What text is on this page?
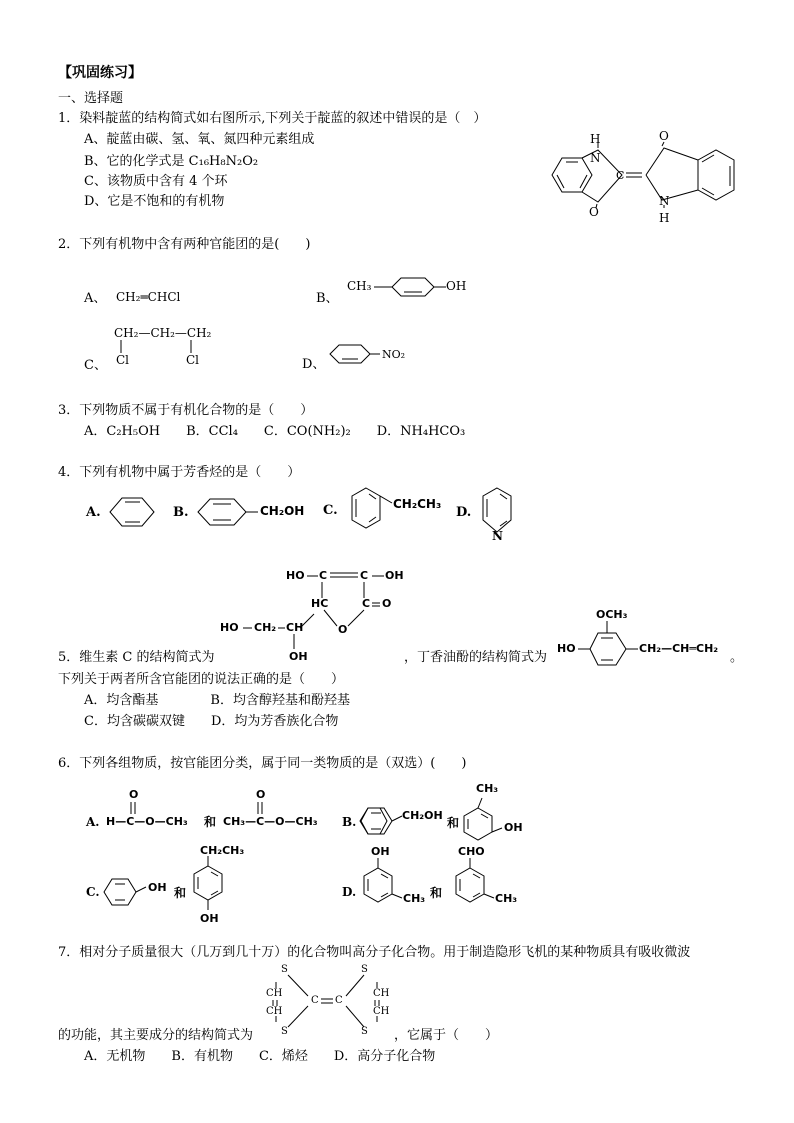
【巩固练习】
一、选择题
1．染料靛蓝的结构简式如右图所示,下列关于靛蓝的叙述中错误的是（　）
A、靛蓝由碳、氢、氧、氮四种元素组成
B、它的化学式是 C₁₆H₈N₂O₂
C、该物质中含有 4 个环
D、它是不饱和的有机物
H
N
O
C
O
N
H
2．下列有机物中含有两种官能团的是(　　)
A、 CH₂═CHCl	B、
CH₃	OH
CH₂—CH₂—CH₂
Cl	Cl
C、	D、
NO₂
3．下列物质不属于有机化合物的是（　　）
A．C₂H₅OH　　B．CCl₄　　C．CO(NH₂)₂　　D．NH₄HCO₃
4．下列有机物中属于芳香烃的是（　　）
A.	B.	CH₂OH C.	CH₂CH₃
D.
N
HO C	C OH
HC	C O
O
HO CH₂ CH
OH
5．维生素 C 的结构简式为	，丁香油酚的结构简式为
OCH₃
HO	CH₂—CH═CH₂
。
下列关于两者所含官能团的说法正确的是（　　）
A．均含酯基　　　　B．均含醇羟基和酚羟基
C．均含碳碳双键　　D．均为芳香族化合物
6．下列各组物质，按官能团分类，属于同一类物质的是（双选）(　　)
A. H—C—O—CH₃ 和 CH₃—C—O—CH₃
O	O
B.	CH₂OH
和
CH₃
OH
C.	OH 和
CH₂CH₃
OH
D.
OH
CH₃ 和
CHO
CH₃
7．相对分子质量很大（几万到几十万）的化合物叫高分子化合物。用于制造隐形飞机的某种物质具有吸收微波
S
CH
CH
S
C C
S
CH
CH
S
的功能，其主要成分的结构简式为	，它属于（　　）
A．无机物　　B．有机物　　C．烯烃　　D．高分子化合物
